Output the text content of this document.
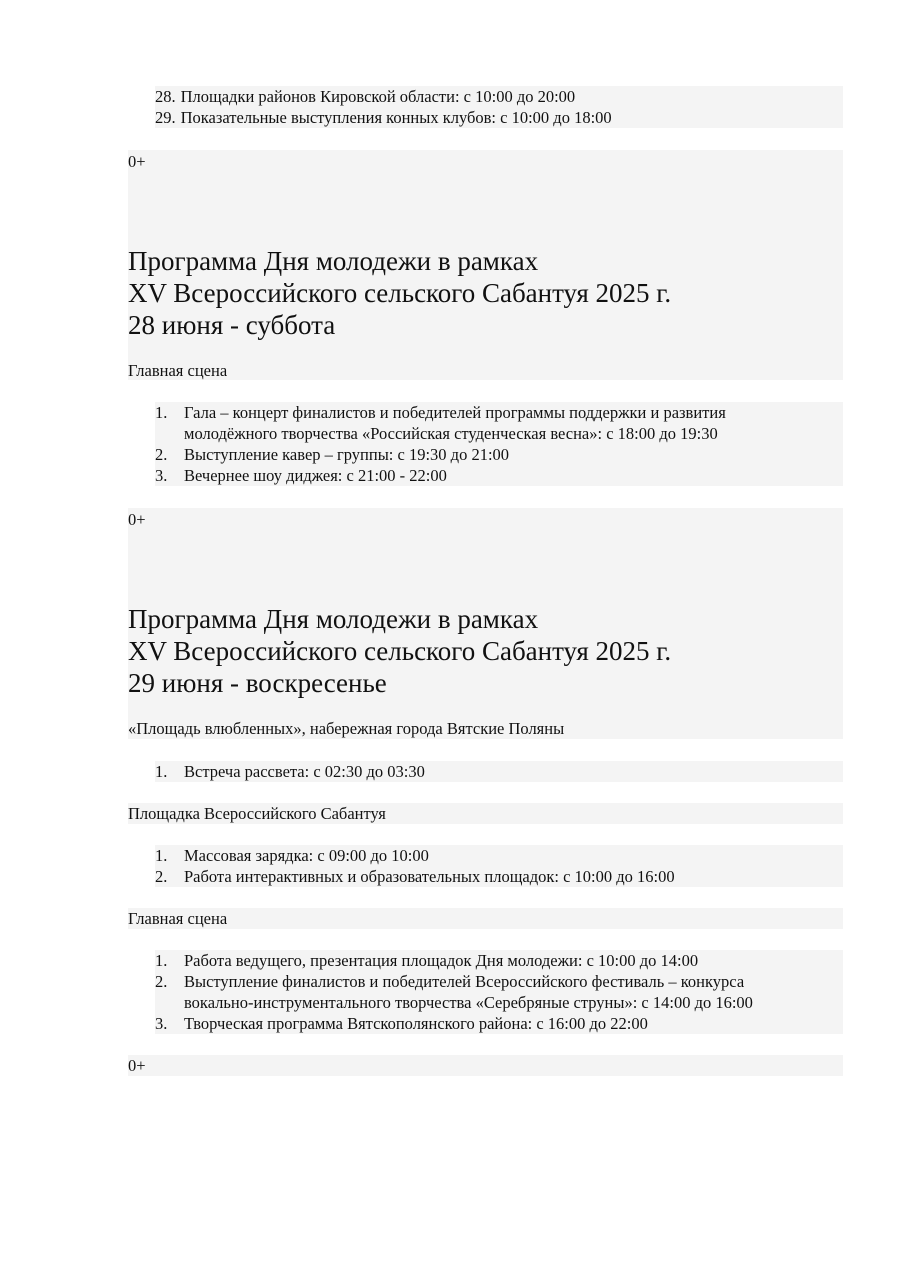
28. Площадки районов Кировской области: с 10:00 до 20:00
29. Показательные выступления конных клубов: с 10:00 до 18:00
0+
Программа Дня молодежи в рамках
XV Всероссийского сельского Сабантуя 2025 г.
28 июня - суббота
Главная сцена
1. Гала – концерт финалистов и победителей программы поддержки и развития
молодёжного творчества «Российская студенческая весна»: с 18:00 до 19:30
2. Выступление кавер – группы: с 19:30 до 21:00
3. Вечернее шоу диджея: с 21:00 - 22:00
0+
Программа Дня молодежи в рамках
XV Всероссийского сельского Сабантуя 2025 г.
29 июня - воскресенье
«Площадь влюбленных», набережная города Вятские Поляны
1. Встреча рассвета: с 02:30 до 03:30
Площадка Всероссийского Сабантуя
1. Массовая зарядка: с 09:00 до 10:00
2. Работа интерактивных и образовательных площадок: с 10:00 до 16:00
Главная сцена
1. Работа ведущего, презентация площадок Дня молодежи: с 10:00 до 14:00
2. Выступление финалистов и победителей Всероссийского фестиваль – конкурса
вокально-инструментального творчества «Серебряные струны»: с 14:00 до 16:00
3. Творческая программа Вятскополянского района: с 16:00 до 22:00
0+
